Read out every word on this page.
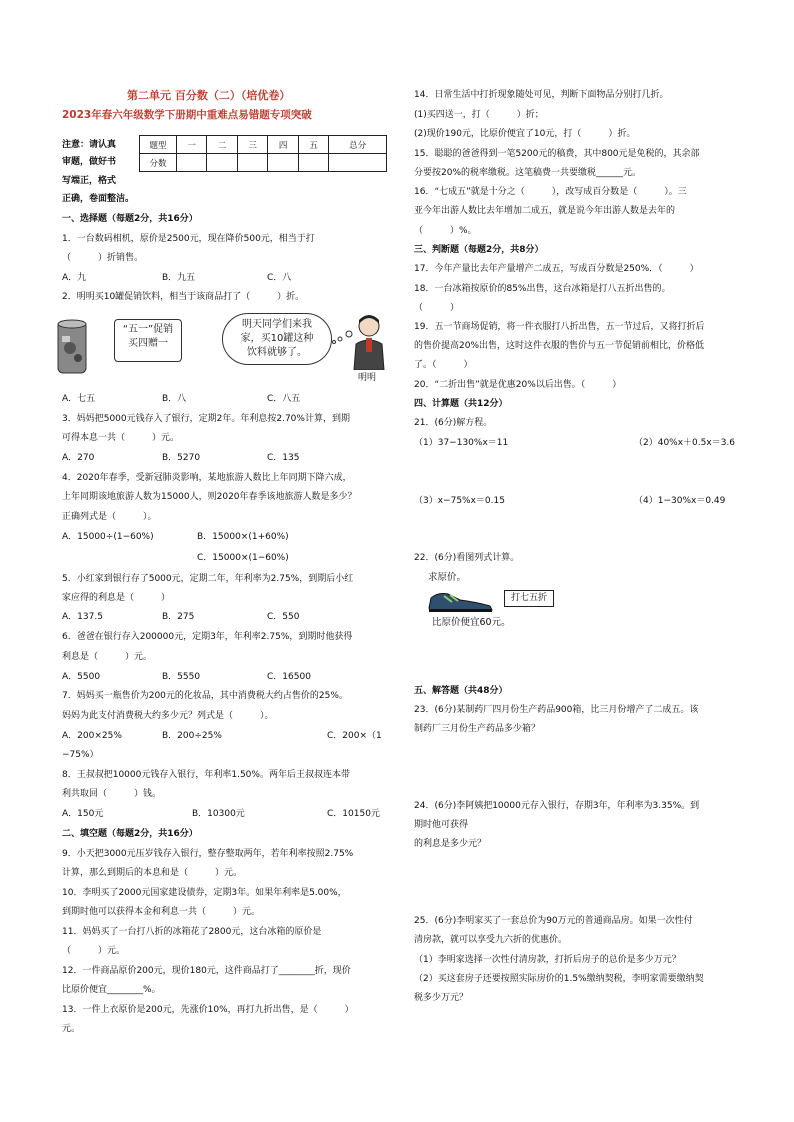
第二单元 百分数（二）（培优卷）
2023年春六年级数学下册期中重难点易错题专项突破
注意：请认真
审题，做好书
写端正，格式
正确，卷面整洁。
题型	一	二	三	四	五	总分
分数						
一、选择题（每题2分，共16分）
1．一台数码相机，原价是2500元，现在降价500元，相当于打
（　　　）折销售。
A．九	B．九五	C．八
2．明明买10罐促销饮料，相当于该商品打了（　　　）折。
“五一”促销
买四赠一
明天同学们来我
家，买10罐这种
饮料就够了。
明明
A．七五	B．八	C．八五
3．妈妈把5000元钱存入了银行，定期2年。年利息按2.70%计算，到期
可得本息一共（　　　）元。
A．270	B．5270	C．135
4．2020年春季，受新冠肺炎影响，某地旅游人数比上年同期下降六成，
上年同期该地旅游人数为15000人，则2020年春季该地旅游人数是多少？
正确列式是（　　　）。
A．15000÷(1−60%)	B．15000×(1+60%)
C．15000×(1−60%)
5．小红家到银行存了5000元，定期二年，年利率为2.75%，到期后小红
家应得的利息是（　　　）
A．137.5	B．275	C．550
6．爸爸在银行存入200000元，定期3年，年利率2.75%，到期时他获得
利息是（　　　）元。
A．5500	B．5550	C．16500
7．妈妈买一瓶售价为200元的化妆品，其中消费税大约占售价的25%。
妈妈为此支付消费税大约多少元？列式是（　　　）。
A．200×25%	B．200÷25%	C．200×（1
−75%）
8．王叔叔把10000元钱存入银行，年利率1.50%。两年后王叔叔连本带
利共取回（　　　）钱。
A．150元	B．10300元	C．10150元
二、填空题（每题2分，共16分）
9．小天把3000元压岁钱存入银行，整存整取两年，若年利率按照2.75%
计算，那么到期后的本息和是（　　　）元。
10．李明买了2000元国家建设债券，定期3年。如果年利率是5.00%，
到期时他可以获得本金和利息一共（　　　）元。
11．妈妈买了一台打八折的冰箱花了2800元，这台冰箱的原价是
（　　　）元。
12．一件商品原价200元，现价180元，这件商品打了________折，现价
比原价便宜________%。
13．一件上衣原价是200元，先涨价10%，再打九折出售，是（　　　）
元。
14．日常生活中打折现象随处可见，判断下面物品分别打几折。
(1)买四送一，打（　　　）折；
(2)现价190元，比原价便宜了10元，打（　　　）折。
15．聪聪的爸爸得到一笔5200元的稿费，其中800元是免税的，其余部
分要按20%的税率缴税。这笔稿费一共要缴税______元。
16．“七成五”就是十分之（　　　），改写成百分数是（　　　）。三
亚今年出游人数比去年增加二成五，就是说今年出游人数是去年的
（　　　）%。
三、判断题（每题2分，共8分）
17．今年产量比去年产量增产二成五，写成百分数是250%．（　　　）
18．一台冰箱按原价的85%出售，这台冰箱是打八五折出售的。
（　　　）
19．五一节商场促销，将一件衣服打八折出售，五一节过后，又将打折后
的售价提高20%出售，这时这件衣服的售价与五一节促销前相比，价格低
了。（　　　）
20．“二折出售”就是优惠20%以后出售。（　　　）
四、计算题（共12分）
21．(6分)解方程。
（1）37−130%x＝11	（2）40%x＋0.5x＝3.6
（3）x−75%x＝0.15	（4）1−30%x＝0.49
22．(6分)看图列式计算。
求原价。
打七五折
比原价便宜60元。
五、解答题（共48分）
23．(6分)某制药厂四月份生产药品900箱，比三月份增产了二成五。该
制药厂三月份生产药品多少箱？
24．(6分)李阿姨把10000元存入银行，存期3年，年利率为3.35%。到
期时他可获得
的利息是多少元？
25．(6分)李明家买了一套总价为90万元的普通商品房。如果一次性付
清房款，就可以享受九六折的优惠价。
（1）李明家选择一次性付清房款，打折后房子的总价是多少万元？
（2）买这套房子还要按照实际房价的1.5%缴纳契税，李明家需要缴纳契
税多少万元？
